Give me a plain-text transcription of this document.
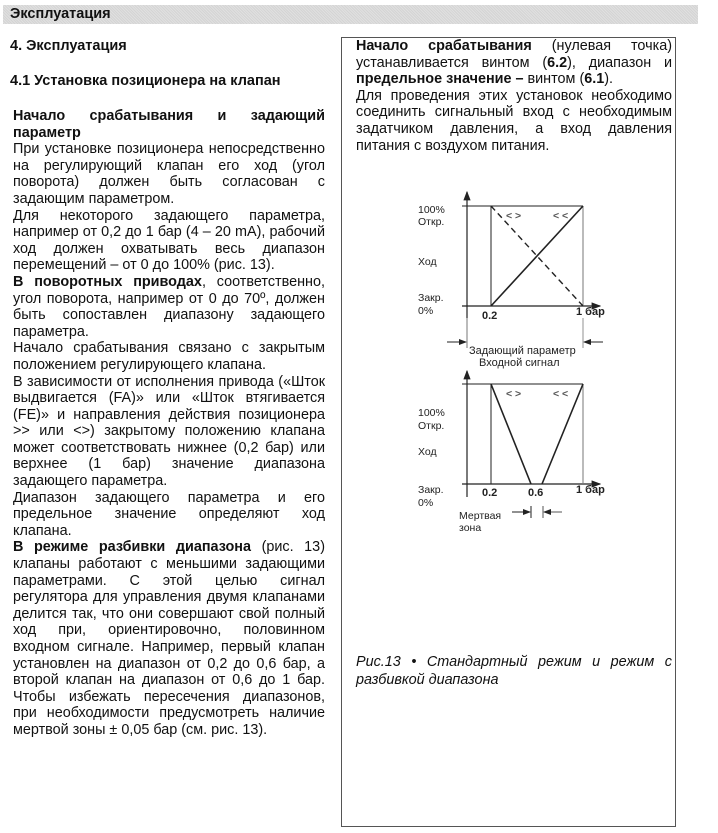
Эксплуатация
4. Эксплуатация
4.1 Установка позиционера на клапан

Начало срабатывания и задающий параметр

При установке позиционера непосредственно на регулирующий клапан его ход (угол поворота) должен быть согласован с задающим параметром.

Для некоторого задающего параметра, например от 0,2 до 1 бар (4 – 20 mA), рабочий ход должен охватывать весь диапазон перемещений – от 0 до 100% (рис. 13).

В поворотных приводах, соответственно, угол поворота, например от 0 до 70º, должен быть сопоставлен диапазону задающего параметра.

Начало срабатывания связано с закрытым положением регулирующего клапана.

В зависимости от исполнения привода («Шток выдвигается (FA)» или «Шток втягивается (FE)» и направления действия позиционера >> или <>) закрытому положению клапана может соответствовать нижнее (0,2 бар) или верхнее (1 бар) значение диапазона задающего параметра.

Диапазон задающего параметра и его предельное значение определяют ход клапана.

В режиме разбивки диапазона (рис. 13) клапаны работают с меньшими задающими параметрами. С этой целью сигнал регулятора для управления двумя клапанами делится так, что они совершают свой полный ход при, ориентировочно, половинном входном сигнале. Например, первый клапан установлен на диапазон от 0,2 до 0,6 бар, а второй клапан на диапазон от 0,6 до 1 бар. Чтобы избежать пересечения диапазонов, при необходимости предусмотреть наличие мертвой зоны ± 0,05 бар (см. рис. 13).

Начало срабатывания (нулевая точка) устанавливается винтом (6.2), диапазон и предельное значение – винтом (6.1).

Для проведения этих установок необходимо соединить сигнальный вход с необходимым задатчиком давления, а вход давления питания с воздухом питания.

100%
Откр.
Ход
Закр.
0%	0.2	1 бар
< >	< <
Задающий параметр
Входной сигнал
100%
Откр.
Ход
Закр.
0%
0.2	0.6	1 бар
< >	< <
Мертвая
зона
Рис.13 • Стандартный режим и режим с разбивкой диапазона
